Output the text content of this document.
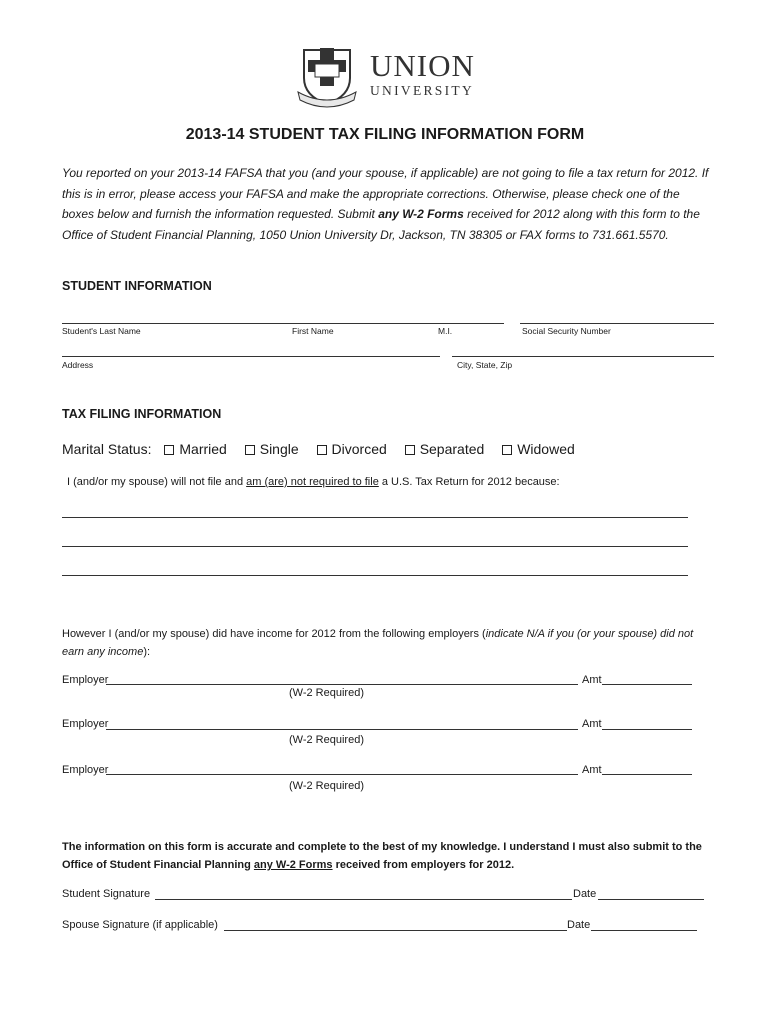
UNION
UNIVERSITY
2013-14 STUDENT TAX FILING INFORMATION FORM
You reported on your 2013-14 FAFSA that you (and your spouse, if applicable) are not going to file a tax return for 2012. If this is in error, please access your FAFSA and make the appropriate corrections. Otherwise, please check one of the boxes below and furnish the information requested. Submit any W-2 Forms received for 2012 along with this form to the Office of Student Financial Planning, 1050 Union University Dr, Jackson, TN 38305 or FAX forms to 731.661.5570.
STUDENT INFORMATION
Student's Last Name	First Name	M.I.	Social Security Number
Address	City, State, Zip
TAX FILING INFORMATION
Marital Status: Married Single Divorced Separated Widowed
I (and/or my spouse) will not file and am (are) not required to file a U.S. Tax Return for 2012 because:
However I (and/or my spouse) did have income for 2012 from the following employers (indicate N/A if you (or your spouse) did not earn any income):
Employer	Amt
(W-2 Required)
Employer	Amt
(W-2 Required)
Employer	Amt
(W-2 Required)
The information on this form is accurate and complete to the best of my knowledge. I understand I must also submit to the Office of Student Financial Planning any W-2 Forms received from employers for 2012.
Student Signature	Date
Spouse Signature (if applicable)	Date
